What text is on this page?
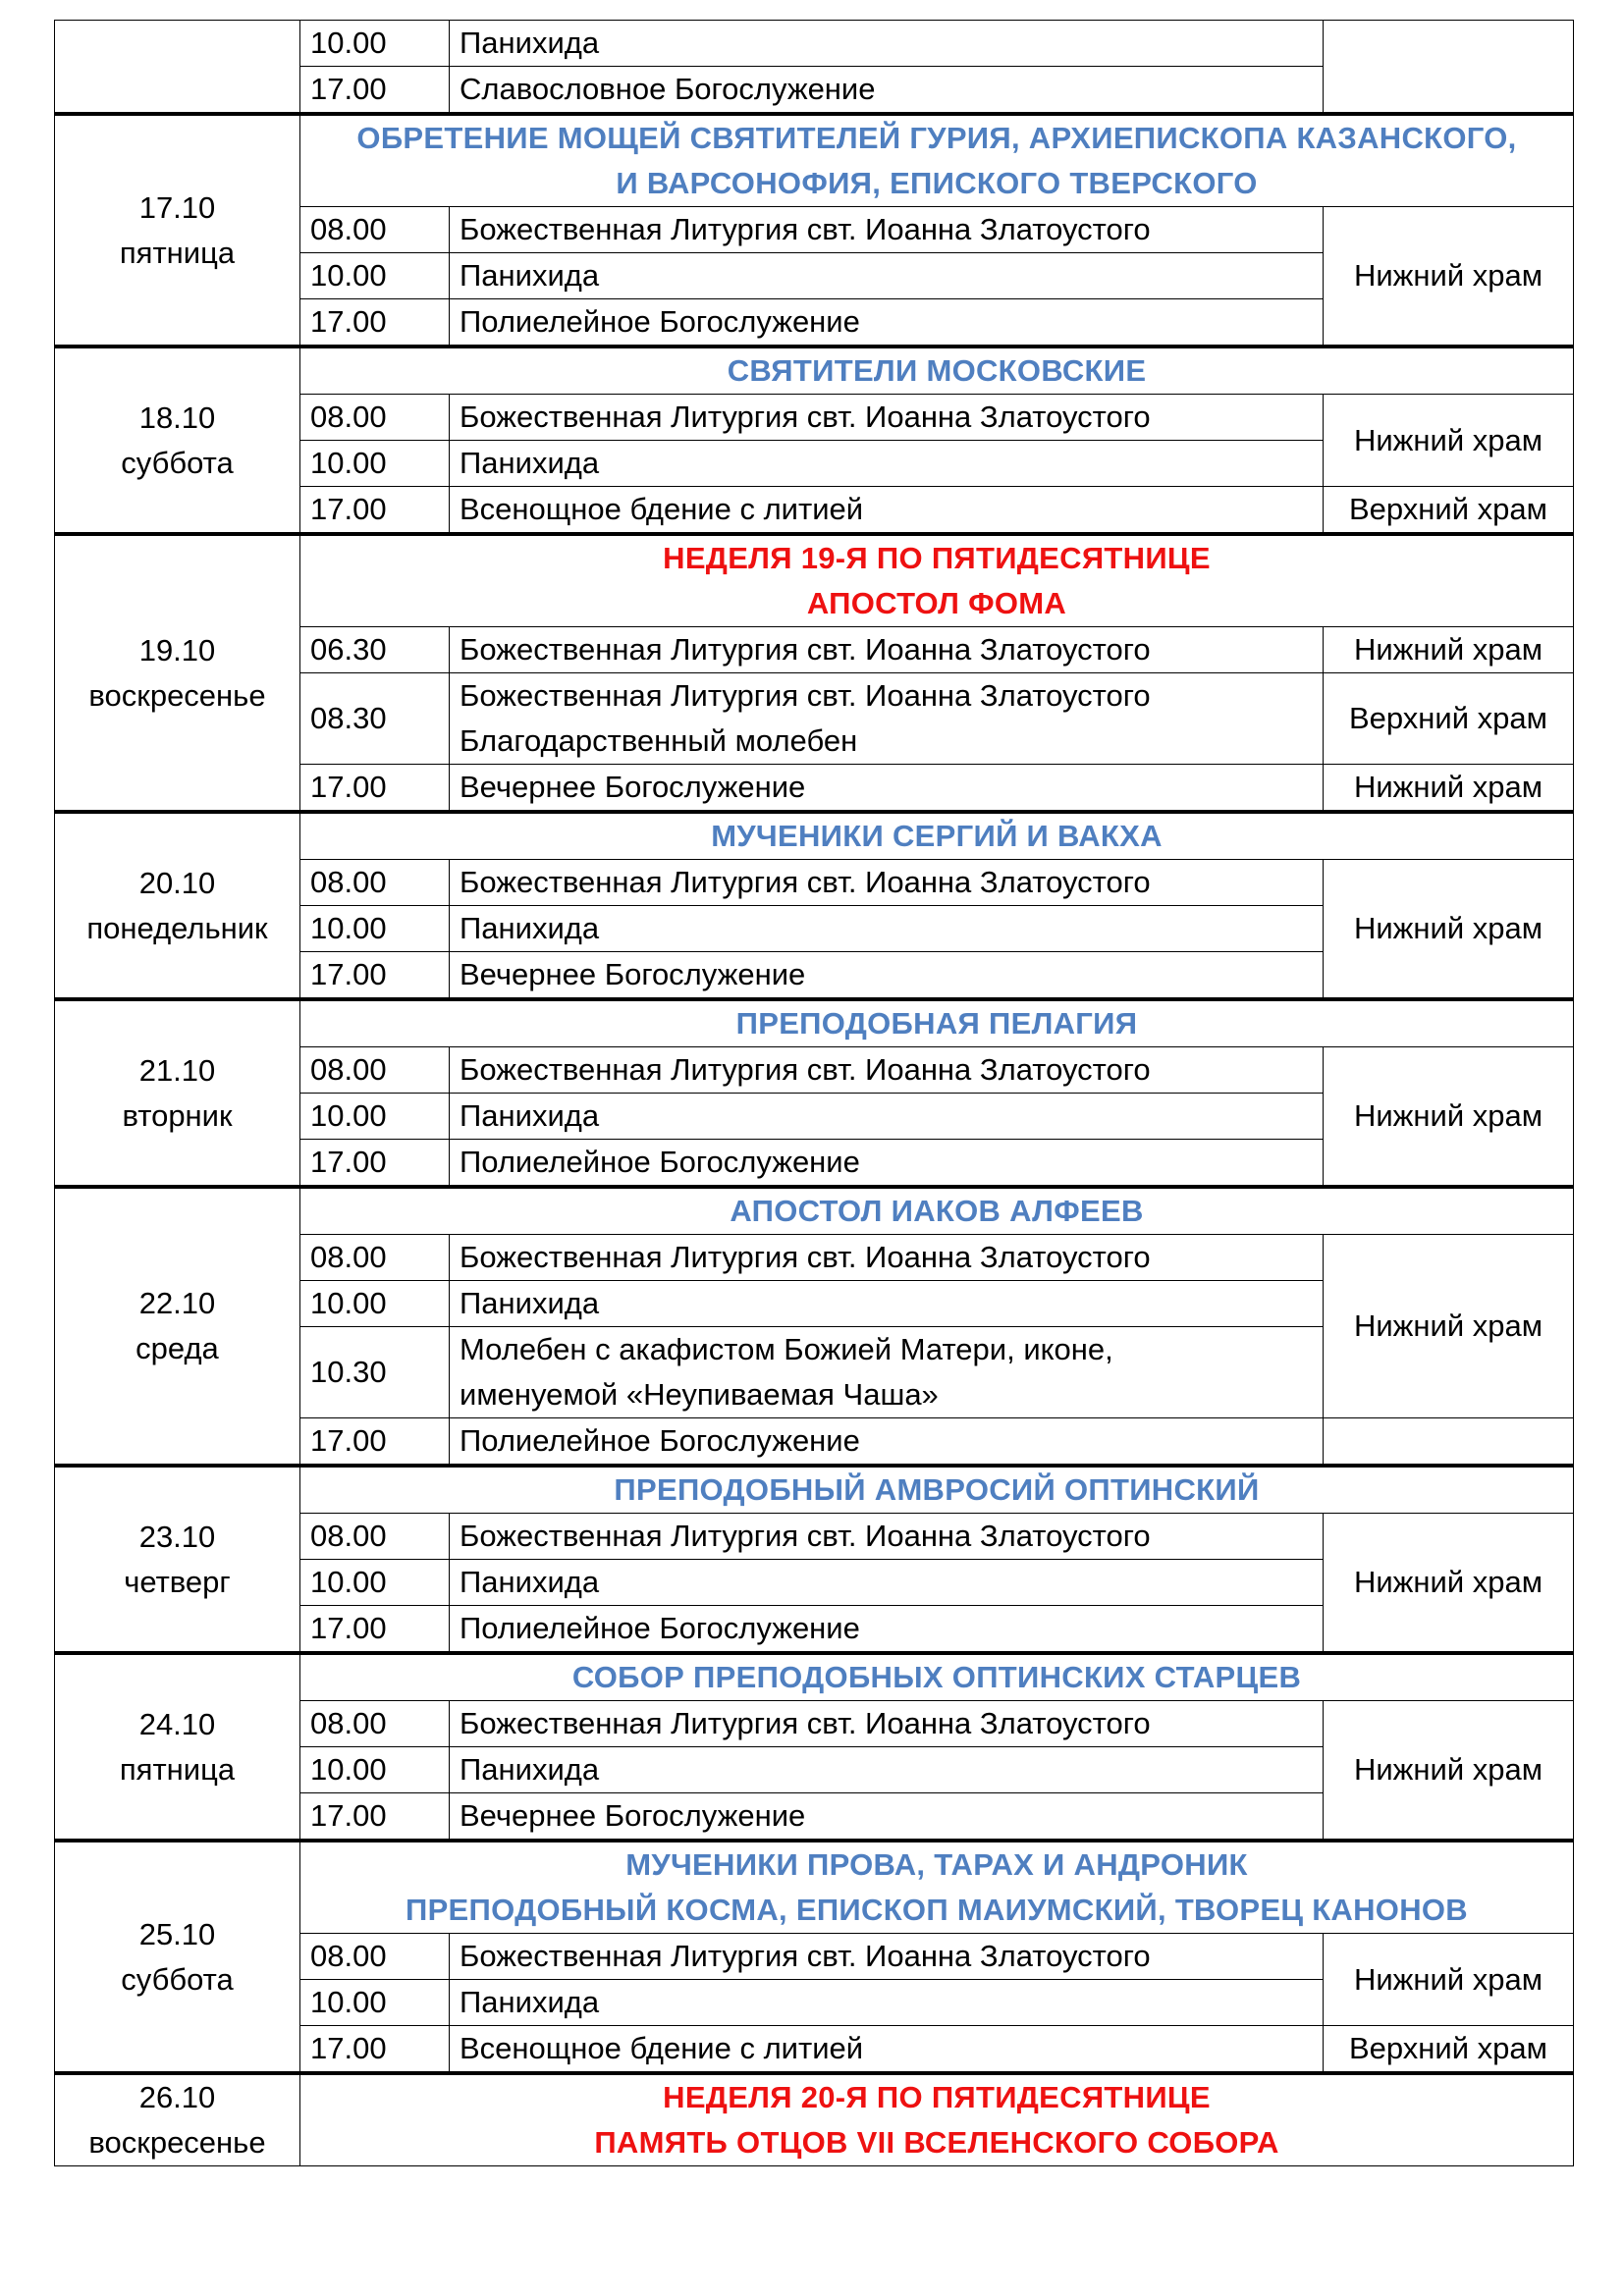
	10.00	Панихида	
	17.00	Славословное Богослужение	

17.10
пятница	ОБРЕТЕНИЕ МОЩЕЙ СВЯТИТЕЛЕЙ ГУРИЯ, АРХИЕПИСКОПА КАЗАНСКОГО,
И ВАРСОНОФИЯ, ЕПИСКОГО ТВЕРСКОГО		

	08.00	Божественная Литургия свт. Иоанна Златоустого	Нижний храм
	10.00	Панихида	
	17.00	Полиелейное Богослужение	

18.10
суббота	СВЯТИТЕЛИ МОСКОВСКИЕ		

	08.00	Божественная Литургия свт. Иоанна Златоустого	Нижний храм
	10.00	Панихида	
	17.00	Всенощное бдение с литией	Верхний храм

19.10
воскресенье	НЕДЕЛЯ 19-Я ПО ПЯТИДЕСЯТНИЦЕ
АПОСТОЛ ФОМА		

	06.30	Божественная Литургия свт. Иоанна Златоустого	Нижний храм
	08.30	Божественная Литургия свт. Иоанна Златоустого
Благодарственный молебен	Верхний храм
	17.00	Вечернее Богослужение	Нижний храм

20.10
понедельник	МУЧЕНИКИ СЕРГИЙ И ВАКХА		

	08.00	Божественная Литургия свт. Иоанна Златоустого	Нижний храм
	10.00	Панихида	
	17.00	Вечернее Богослужение	

21.10
вторник	ПРЕПОДОБНАЯ ПЕЛАГИЯ		

	08.00	Божественная Литургия свт. Иоанна Златоустого	Нижний храм
	10.00	Панихида	
	17.00	Полиелейное Богослужение	

22.10
среда	АПОСТОЛ ИАКОВ АЛФЕЕВ		

	08.00	Божественная Литургия свт. Иоанна Златоустого	Нижний храм
	10.00	Панихида	
	10.30	Молебен с акафистом Божией Матери, иконе,
именуемой «Неупиваемая Чаша»	

	17.00	Полиелейное Богослужение	

23.10
четверг	ПРЕПОДОБНЫЙ АМВРОСИЙ ОПТИНСКИЙ		

	08.00	Божественная Литургия свт. Иоанна Златоустого	Нижний храм
	10.00	Панихида	
	17.00	Полиелейное Богослужение	

24.10
пятница	СОБОР ПРЕПОДОБНЫХ ОПТИНСКИХ СТАРЦЕВ		

	08.00	Божественная Литургия свт. Иоанна Златоустого	Нижний храм
	10.00	Панихида	
	17.00	Вечернее Богослужение	

25.10
суббота	МУЧЕНИКИ ПРОВА, ТАРАХ И АНДРОНИК
ПРЕПОДОБНЫЙ КОСМА, ЕПИСКОП МАИУМСКИЙ, ТВОРЕЦ КАНОНОВ		

	08.00	Божественная Литургия свт. Иоанна Златоустого	Нижний храм
	10.00	Панихида	
	17.00	Всенощное бдение с литией	Верхний храм

26.10
воскресенье	НЕДЕЛЯ 20-Я ПО ПЯТИДЕСЯТНИЦЕ
ПАМЯТЬ ОТЦОВ VII ВСЕЛЕНСКОГО СОБОРА		
